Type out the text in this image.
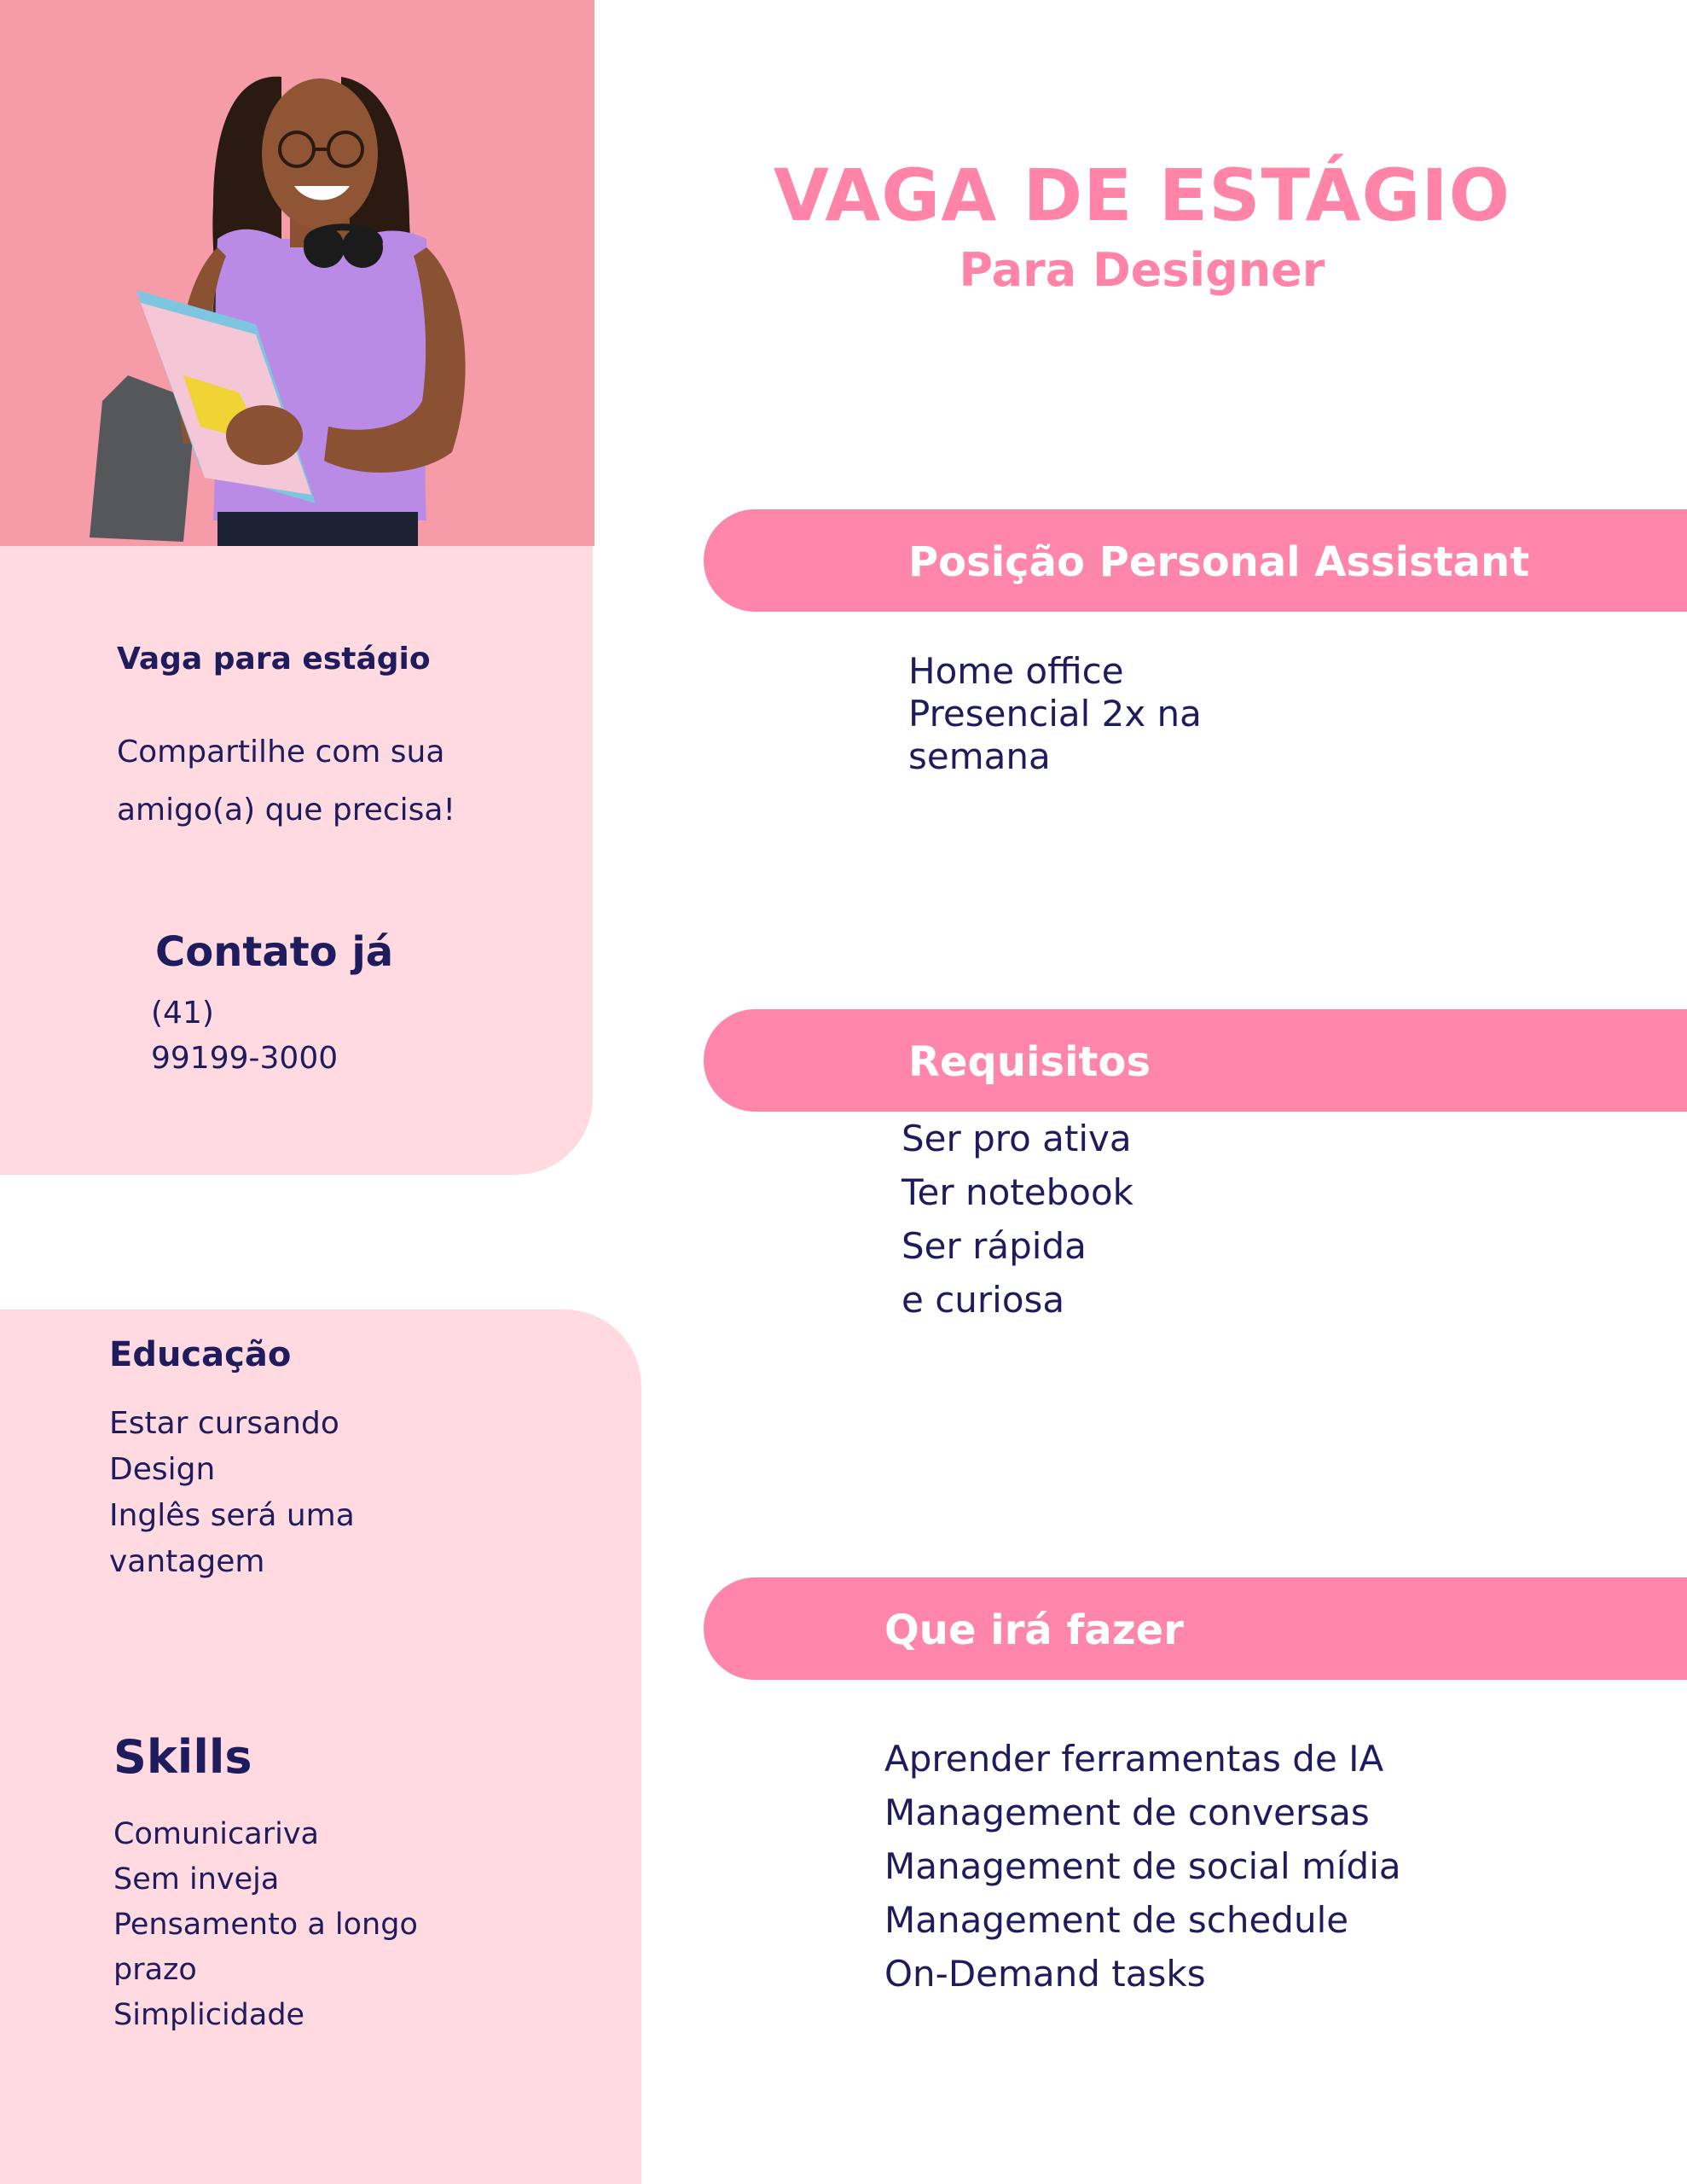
Vaga para estágio
Compartilhe com sua
amigo(a) que precisa!
Contato já
(41)
99199-3000
Educação
Estar cursando
Design
Inglês será uma
vantagem
Skills
Comunicariva
Sem inveja
Pensamento a longo
prazo
Simplicidade
VAGA DE ESTÁGIO
Para Designer
Posição Personal Assistant
Home office
Presencial 2x na
semana
Requisitos
Ser pro ativa
Ter notebook
Ser rápida
e curiosa
Que irá fazer
Aprender ferramentas de IA
Management de conversas
Management de social mídia
Management de schedule
On-Demand tasks
